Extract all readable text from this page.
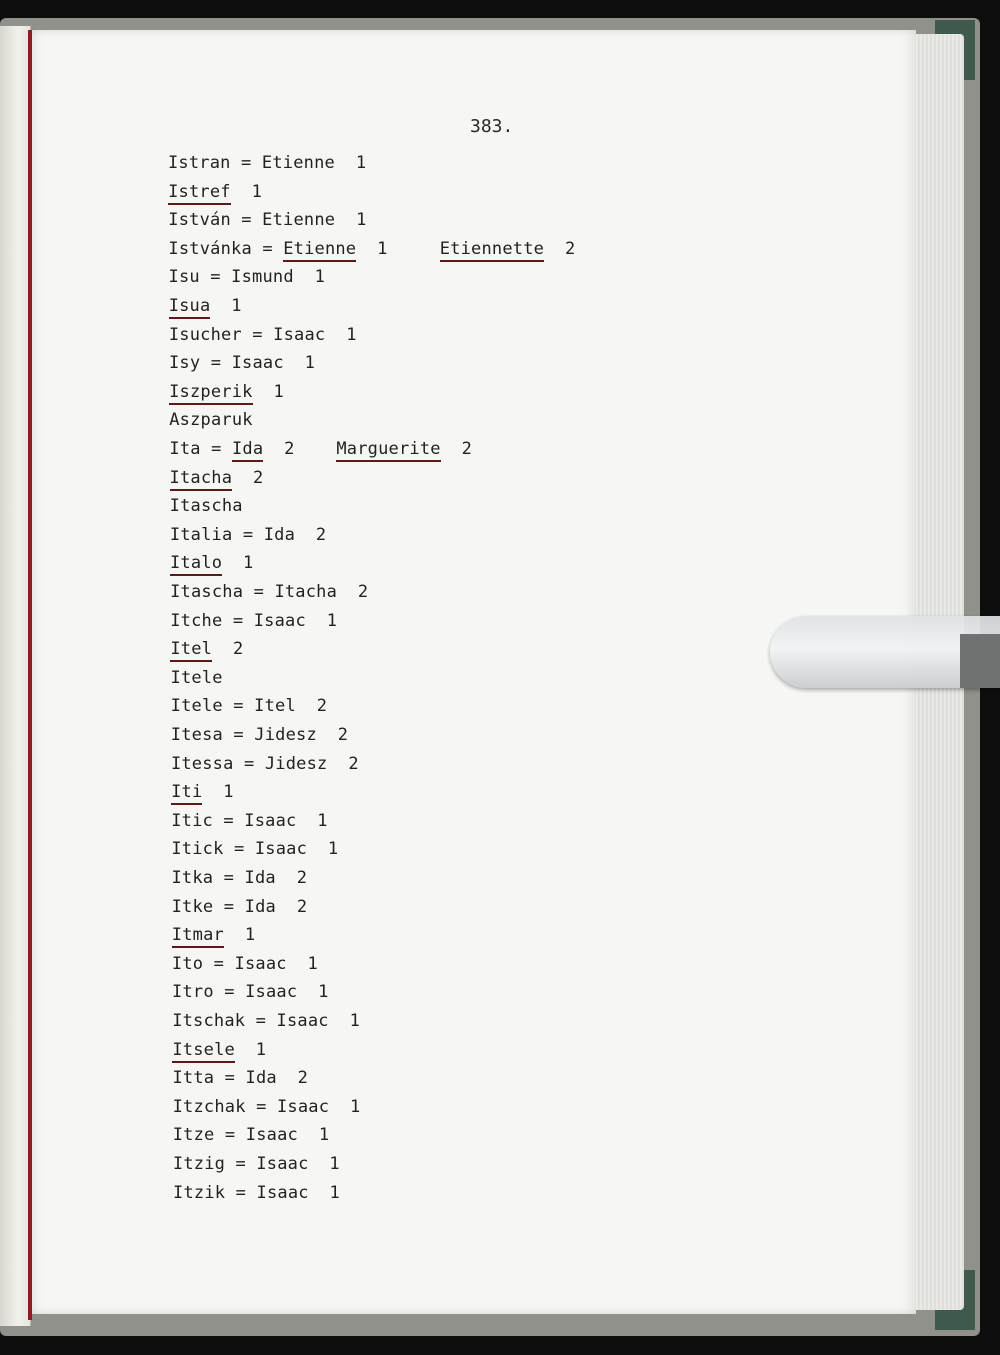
383.
Istran = Etienne  1
Istref  1
István = Etienne  1
Istvánka = Etienne  1     Etiennette  2
Isu = Ismund  1
Isua  1
Isucher = Isaac  1
Isy = Isaac  1
Iszperik  1
Aszparuk
Ita = Ida  2    Marguerite  2
Itacha  2
Itascha
Italia = Ida  2
Italo  1
Itascha = Itacha  2
Itche = Isaac  1
Itel  2
Itele
Itele = Itel  2
Itesa = Jidesz  2
Itessa = Jidesz  2
Iti  1
Itic = Isaac  1
Itick = Isaac  1
Itka = Ida  2
Itke = Ida  2
Itmar  1
Ito = Isaac  1
Itro = Isaac  1
Itschak = Isaac  1
Itsele  1
Itta = Ida  2
Itzchak = Isaac  1
Itze = Isaac  1
Itzig = Isaac  1
Itzik = Isaac  1
